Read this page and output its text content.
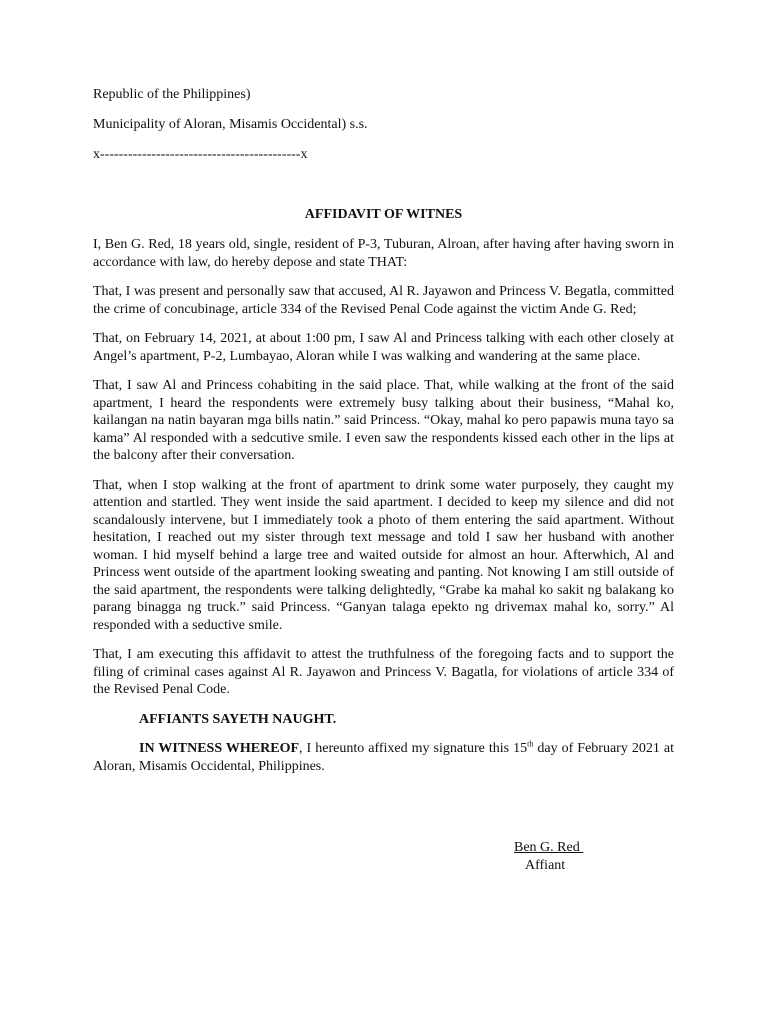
Republic of the Philippines)

Municipality of Aloran, Misamis Occidental) s.s.

x-------------------------------------------x

AFFIDAVIT OF WITNES

I, Ben G. Red, 18 years old, single, resident of P-3, Tuburan, Alroan, after having after having sworn in accordance with law, do hereby depose and state THAT:

That, I was present and personally saw that accused, Al R. Jayawon and Princess V. Begatla, committed the crime of concubinage, article 334 of the Revised Penal Code against the victim Ande G. Red;

That, on February 14, 2021, at about 1:00 pm, I saw Al and Princess talking with each other closely at Angel’s apartment, P-2, Lumbayao, Aloran while I was walking and wandering at the same place.

That, I saw Al and Princess cohabiting in the said place. That, while walking at the front of the said apartment, I heard the respondents were extremely busy talking about their business, “Mahal ko, kailangan na natin bayaran mga bills natin.” said Princess. “Okay, mahal ko pero papawis muna tayo sa kama” Al responded with a sedcutive smile. I even saw the respondents kissed each other in the lips at the balcony after their conversation.

That, when I stop walking at the front of apartment to drink some water purposely, they caught my attention and startled. They went inside the said apartment. I decided to keep my silence and did not scandalously intervene, but I immediately took a photo of them entering the said apartment. Without hesitation, I reached out my sister through text message and told I saw her husband with another woman. I hid myself behind a large tree and waited outside for almost an hour. Afterwhich, Al and Princess went outside of the apartment looking sweating and panting. Not knowing I am still outside of the said apartment, the respondents were talking delightedly, “Grabe ka mahal ko sakit ng balakang ko parang binagga ng truck.” said Princess. “Ganyan talaga epekto ng drivemax mahal ko, sorry.” Al responded with a seductive smile.

That, I am executing this affidavit to attest the truthfulness of the foregoing facts and to support the filing of criminal cases against Al R. Jayawon and Princess V. Bagatla, for violations of article 334 of the Revised Penal Code.

AFFIANTS SAYETH NAUGHT.

IN WITNESS WHEREOF, I hereunto affixed my signature this 15th day of February 2021 at Aloran, Misamis Occidental, Philippines.

Ben G. Red
Affiant
